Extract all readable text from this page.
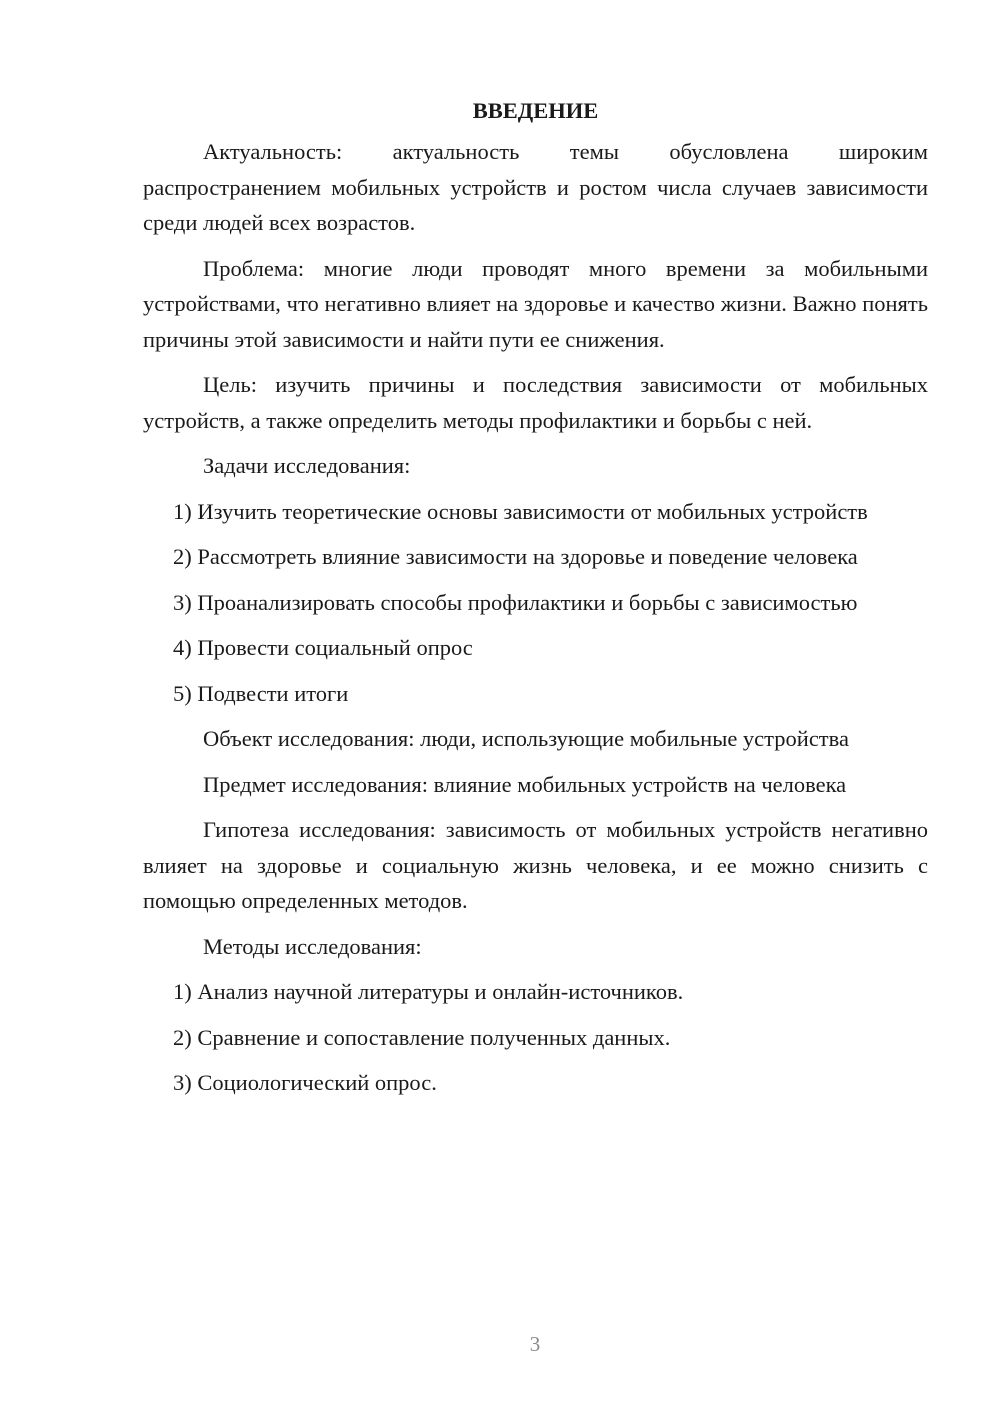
ВВЕДЕНИЕ

Актуальность: актуальность темы обусловлена широким распространением мобильных устройств и ростом числа случаев зависимости среди людей всех возрастов.

Проблема: многие люди проводят много времени за мобильными устройствами, что негативно влияет на здоровье и качество жизни. Важно понять причины этой зависимости и найти пути ее снижения.

Цель: изучить причины и последствия зависимости от мобильных устройств, а также определить методы профилактики и борьбы с ней.

Задачи исследования:

1) Изучить теоретические основы зависимости от мобильных устройств

2) Рассмотреть влияние зависимости на здоровье и поведение человека

3) Проанализировать способы профилактики и борьбы с зависимостью

4) Провести социальный опрос

5) Подвести итоги

Объект исследования: люди, использующие мобильные устройства

Предмет исследования: влияние мобильных устройств на человека

Гипотеза исследования: зависимость от мобильных устройств негативно влияет на здоровье и социальную жизнь человека, и ее можно снизить с помощью определенных методов.

Методы исследования:

1) Анализ научной литературы и онлайн-источников.

2) Сравнение и сопоставление полученных данных.

3) Социологический опрос.

3
